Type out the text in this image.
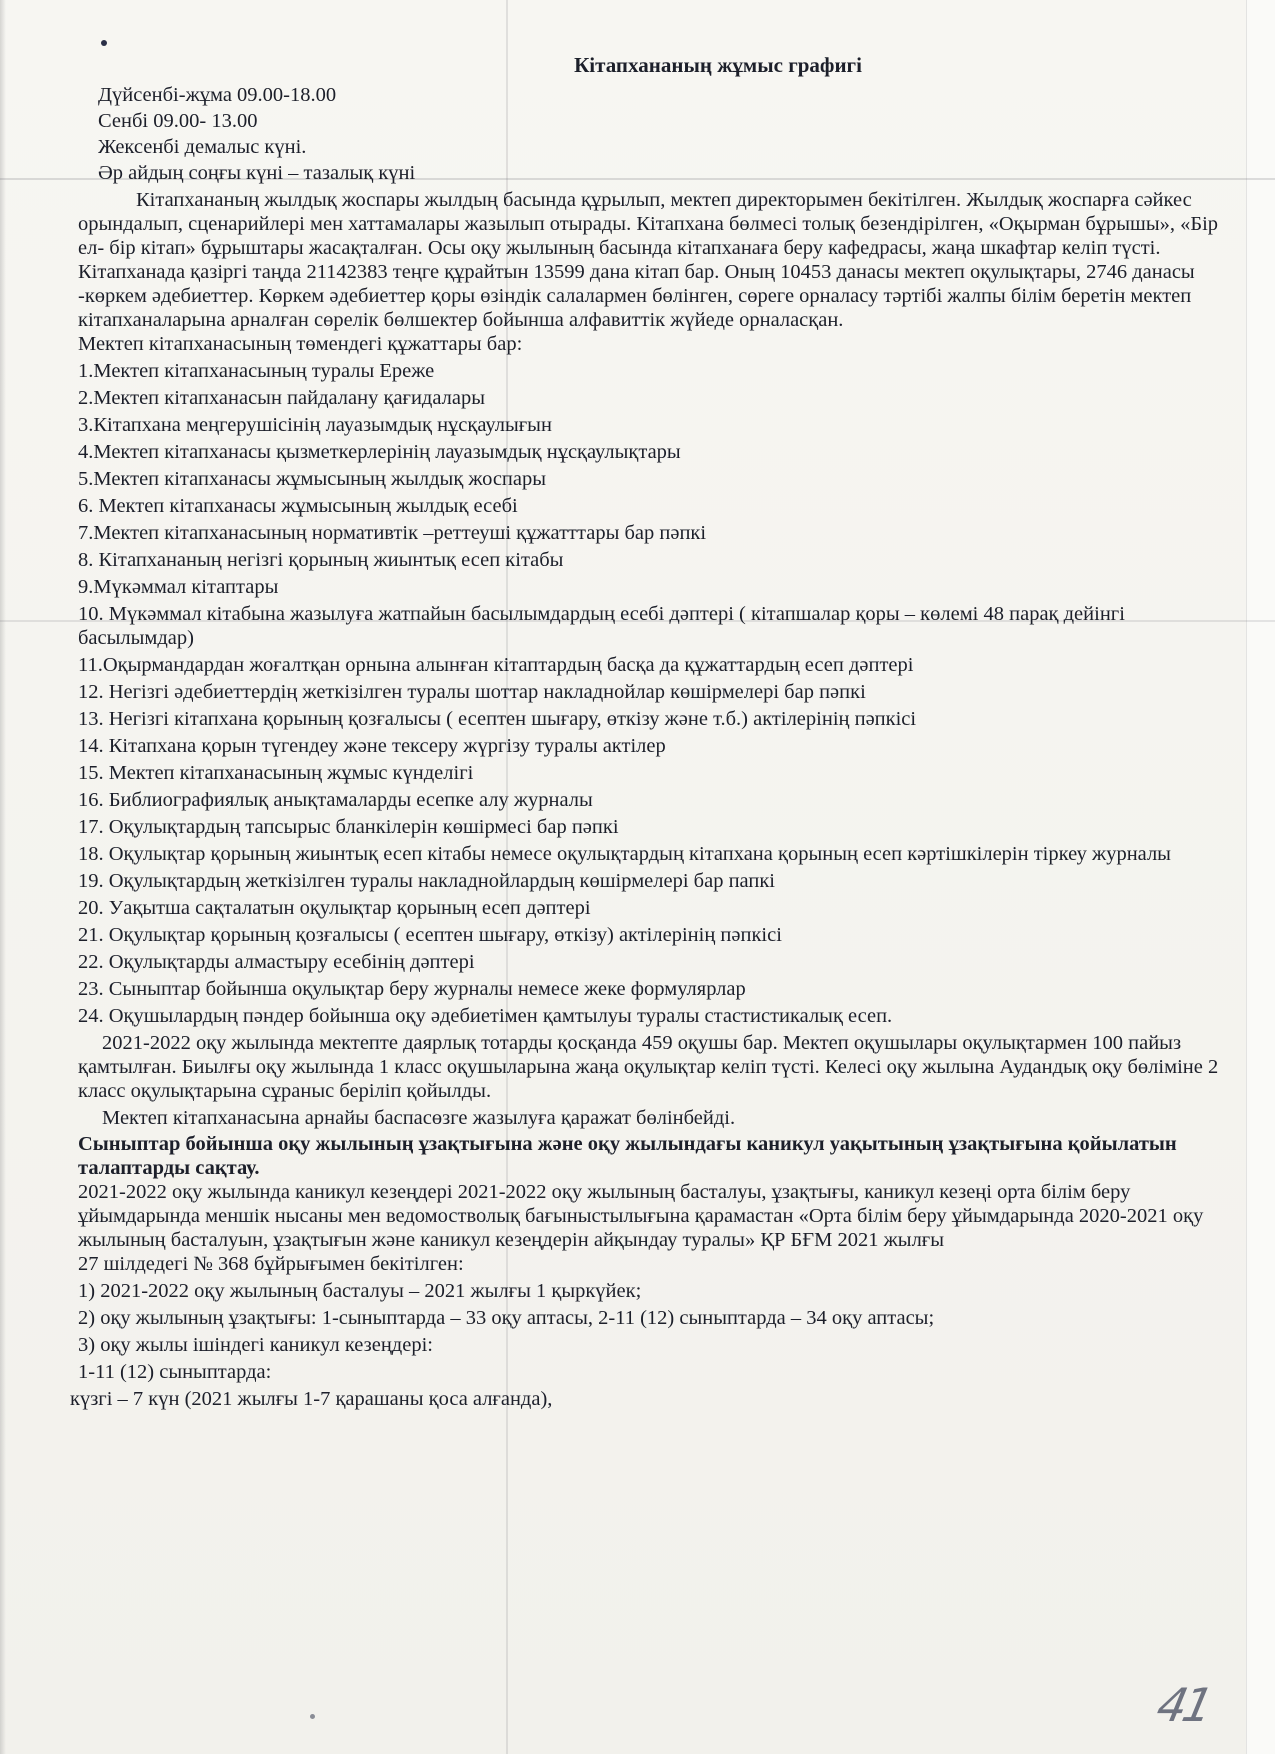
Кітапхананың жұмыс графигі

Дүйсенбі-жұма 09.00-18.00

Сенбі 09.00- 13.00

Жексенбі демалыс күні.

Әр айдың соңғы күні – тазалық күні

Кітапхананың жылдық жоспары жылдың басында құрылып, мектеп директорымен бекітілген. Жылдық жоспарға сәйкес орындалып, сценарийлері мен хаттамалары жазылып отырады. Кітапхана бөлмесі толық безендірілген, «Оқырман бұрышы», «Бір ел- бір кітап» бұрыштары жасақталған. Осы оқу жылының басында кітапханаға беру кафедрасы, жаңа шкафтар келіп түсті.

Кітапханада қазіргі таңда 21142383 теңге құрайтын 13599 дана кітап бар. Оның 10453 данасы мектеп оқулықтары, 2746 данасы -көркем әдебиеттер. Көркем әдебиеттер қоры өзіндік салалармен бөлінген, сөреге орналасу тәртібі жалпы білім беретін мектеп кітапханаларына арналған сөрелік бөлшектер бойынша алфавиттік жүйеде орналасқан.

Мектеп кітапханасының төмендегі құжаттары бар:

1.Мектеп кітапханасының туралы Ереже

2.Мектеп кітапханасын пайдалану қағидалары

3.Кітапхана меңгерушісінің лауазымдық нұсқаулығын

4.Мектеп кітапханасы қызметкерлерінің лауазымдық нұсқаулықтары

5.Мектеп кітапханасы жұмысының жылдық жоспары

6. Мектеп кітапханасы жұмысының жылдық есебі

7.Мектеп кітапханасының нормативтік –реттеуші құжатттары бар пәпкі

8. Кітапхананың негізгі қорының жиынтық есеп кітабы

9.Мүкәммал кітаптары

10. Мүкәммал кітабына жазылуға жатпайын басылымдардың есебі дәптері ( кітапшалар қоры – көлемі 48 парақ дейінгі басылымдар)

11.Оқырмандардан жоғалтқан орнына алынған кітаптардың басқа да құжаттардың есеп дәптері

12. Негізгі әдебиеттердің жеткізілген туралы шоттар накладнойлар көшірмелері бар пәпкі

13. Негізгі кітапхана қорының қозғалысы ( есептен шығару, өткізу және т.б.) актілерінің пәпкісі

14. Кітапхана қорын түгендеу және тексеру жүргізу туралы актілер

15. Мектеп кітапханасының жұмыс күнделігі

16. Библиографиялық анықтамаларды есепке алу журналы

17. Оқулықтардың тапсырыс бланкілерін көшірмесі бар пәпкі

18. Оқулықтар қорының жиынтық есеп кітабы немесе оқулықтардың кітапхана қорының есеп кәртішкілерін тіркеу журналы

19. Оқулықтардың жеткізілген туралы накладнойлардың көшірмелері бар папкі

20. Уақытша сақталатын оқулықтар қорының есеп дәптері

21. Оқулықтар қорының қозғалысы ( есептен шығару, өткізу) актілерінің пәпкісі

22. Оқулықтарды алмастыру есебінің дәптері

23. Сыныптар бойынша оқулықтар беру журналы немесе жеке формулярлар

24. Оқушылардың пәндер бойынша оқу әдебиетімен қамтылуы туралы стастистикалық есеп.

2021-2022 оқу жылында мектепте даярлық тотарды қосқанда 459 оқушы бар. Мектеп оқушылары оқулықтармен 100 пайыз қамтылған. Биылғы оқу жылында 1 класс оқушыларына жаңа оқулықтар келіп түсті. Келесі оқу жылына Аудандық оқу бөліміне 2 класс оқулықтарына сұраныс беріліп қойылды.

Мектеп кітапханасына арнайы баспасөзге жазылуға қаражат бөлінбейді.

Сыныптар бойынша оқу жылының ұзақтығына және оқу жылындағы каникул уақытының ұзақтығына қойылатын талаптарды сақтау.

2021-2022 оқу жылында каникул кезеңдері 2021-2022 оқу жылының басталуы, ұзақтығы, каникул кезеңі орта білім беру ұйымдарында меншік нысаны мен ведомостволық бағыныстылығына қарамастан «Орта білім беру ұйымдарында 2020-2021 оқу жылының басталуын, ұзақтығын және каникул кезеңдерін айқындау туралы» ҚР БҒМ 2021 жылғы

27 шілдедегі № 368 бұйрығымен бекітілген:

1) 2021-2022 оқу жылының басталуы – 2021 жылғы 1 қыркүйек;

2) оқу жылының ұзақтығы: 1-сыныптарда – 33 оқу аптасы, 2-11 (12) сыныптарда – 34 оқу аптасы;

3) оқу жылы ішіндегі каникул кезеңдері:

1-11 (12) сыныптарда:

күзгі – 7 күн (2021 жылғы 1-7 қарашаны қоса алғанда),

41
